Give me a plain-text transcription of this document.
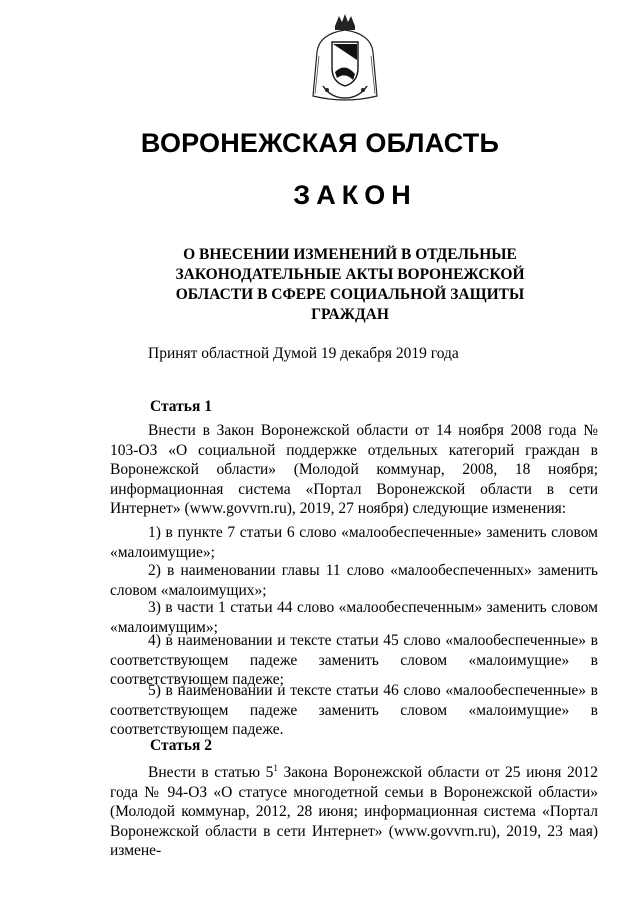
ВОРОНЕЖСКАЯ ОБЛАСТЬ
ЗАКОН
О ВНЕСЕНИИ ИЗМЕНЕНИЙ В ОТДЕЛЬНЫЕ
ЗАКОНОДАТЕЛЬНЫЕ АКТЫ ВОРОНЕЖСКОЙ
ОБЛАСТИ В СФЕРЕ СОЦИАЛЬНОЙ ЗАЩИТЫ
ГРАЖДАН
Принят областной Думой 19 декабря 2019 года
Статья 1
Внести в Закон Воронежской области от 14 ноября 2008 года № 103-ОЗ «О социальной поддержке отдельных категорий граждан в Воронежской области» (Молодой коммунар, 2008, 18 ноября; информационная система «Портал Воронежской области в сети Интернет» (www.govvrn.ru), 2019, 27 ноября) следующие изменения:
1) в пункте 7 статьи 6 слово «малообеспеченные» заменить словом «малоимущие»;
2) в наименовании главы 11 слово «малообеспеченных» заменить словом «малоимущих»;
3) в части 1 статьи 44 слово «малообеспеченным» заменить словом «малоимущим»;
4) в наименовании и тексте статьи 45 слово «малообеспеченные» в соответствующем падеже заменить словом «малоимущие» в соответствующем падеже;
5) в наименовании и тексте статьи 46 слово «малообеспеченные» в соответствующем падеже заменить словом «малоимущие» в соответствующем падеже.
Статья 2
Внести в статью $5^1$ Закона Воронежской области от 25 июня 2012 года № 94-ОЗ «О статусе многодетной семьи в Воронежской области» (Молодой коммунар, 2012, 28 июня; информационная система «Портал Воронежской области в сети Интернет» (www.govvrn.ru), 2019, 23 мая) измене-
